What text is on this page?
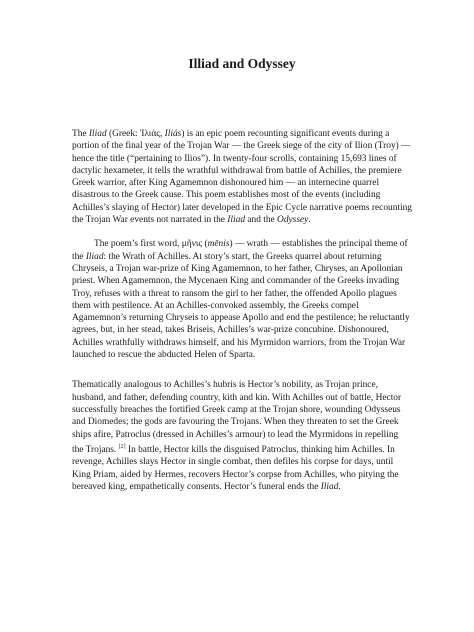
Illiad and Odyssey

The Iliad (Greek: Ἰλιάς, Iliás) is an epic poem recounting significant events during a portion of the final year of the Trojan War — the Greek siege of the city of Ilion (Troy) — hence the title (“pertaining to Ilios”). In twenty-four scrolls, containing 15,693 lines of dactylic hexameter, it tells the wrathful withdrawal from battle of Achilles, the premiere Greek warrior, after King Agamemnon dishonoured him — an internecine quarrel disastrous to the Greek cause. This poem establishes most of the events (including Achilles’s slaying of Hector) later developed in the Epic Cycle narrative poems recounting the Trojan War events not narrated in the Iliad and the Odyssey.

The poem’s first word, μῆνις (mēnis) — wrath — establishes the principal theme of the Iliad: the Wrath of Achilles. At story’s start, the Greeks quarrel about returning Chryseis, a Trojan war-prize of King Agamemnon, to her father, Chryses, an Apollonian priest. When Agamemnon, the Mycenaen King and commander of the Greeks invading Troy, refuses with a threat to ransom the girl to her father, the offended Apollo plagues them with pestilence. At an Achilles-convoked assembly, the Greeks compel Agamemnon’s returning Chryseis to appease Apollo and end the pestilence; he reluctantly agrees, but, in her stead, takes Briseis, Achilles’s war-prize concubine. Dishonoured, Achilles wrathfully withdraws himself, and his Myrmidon warriors, from the Trojan War launched to rescue the abducted Helen of Sparta.

Thematically analogous to Achilles’s hubris is Hector’s nobility, as Trojan prince, husband, and father, defending country, kith and kin. With Achilles out of battle, Hector successfully breaches the fortified Greek camp at the Trojan shore, wounding Odysseus and Diomedes; the gods are favouring the Trojans. When they threaten to set the Greek ships afire, Patroclus (dressed in Achilles’s armour) to lead the Myrmidons in repelling the Trojans. [2] In battle, Hector kills the disguised Patroclus, thinking him Achilles. In revenge, Achilles slays Hector in single combat, then defiles his corpse for days, until King Priam, aided by Hermes, recovers Hector’s corpse from Achilles, who pitying the bereaved king, empathetically consents. Hector’s funeral ends the Iliad.
